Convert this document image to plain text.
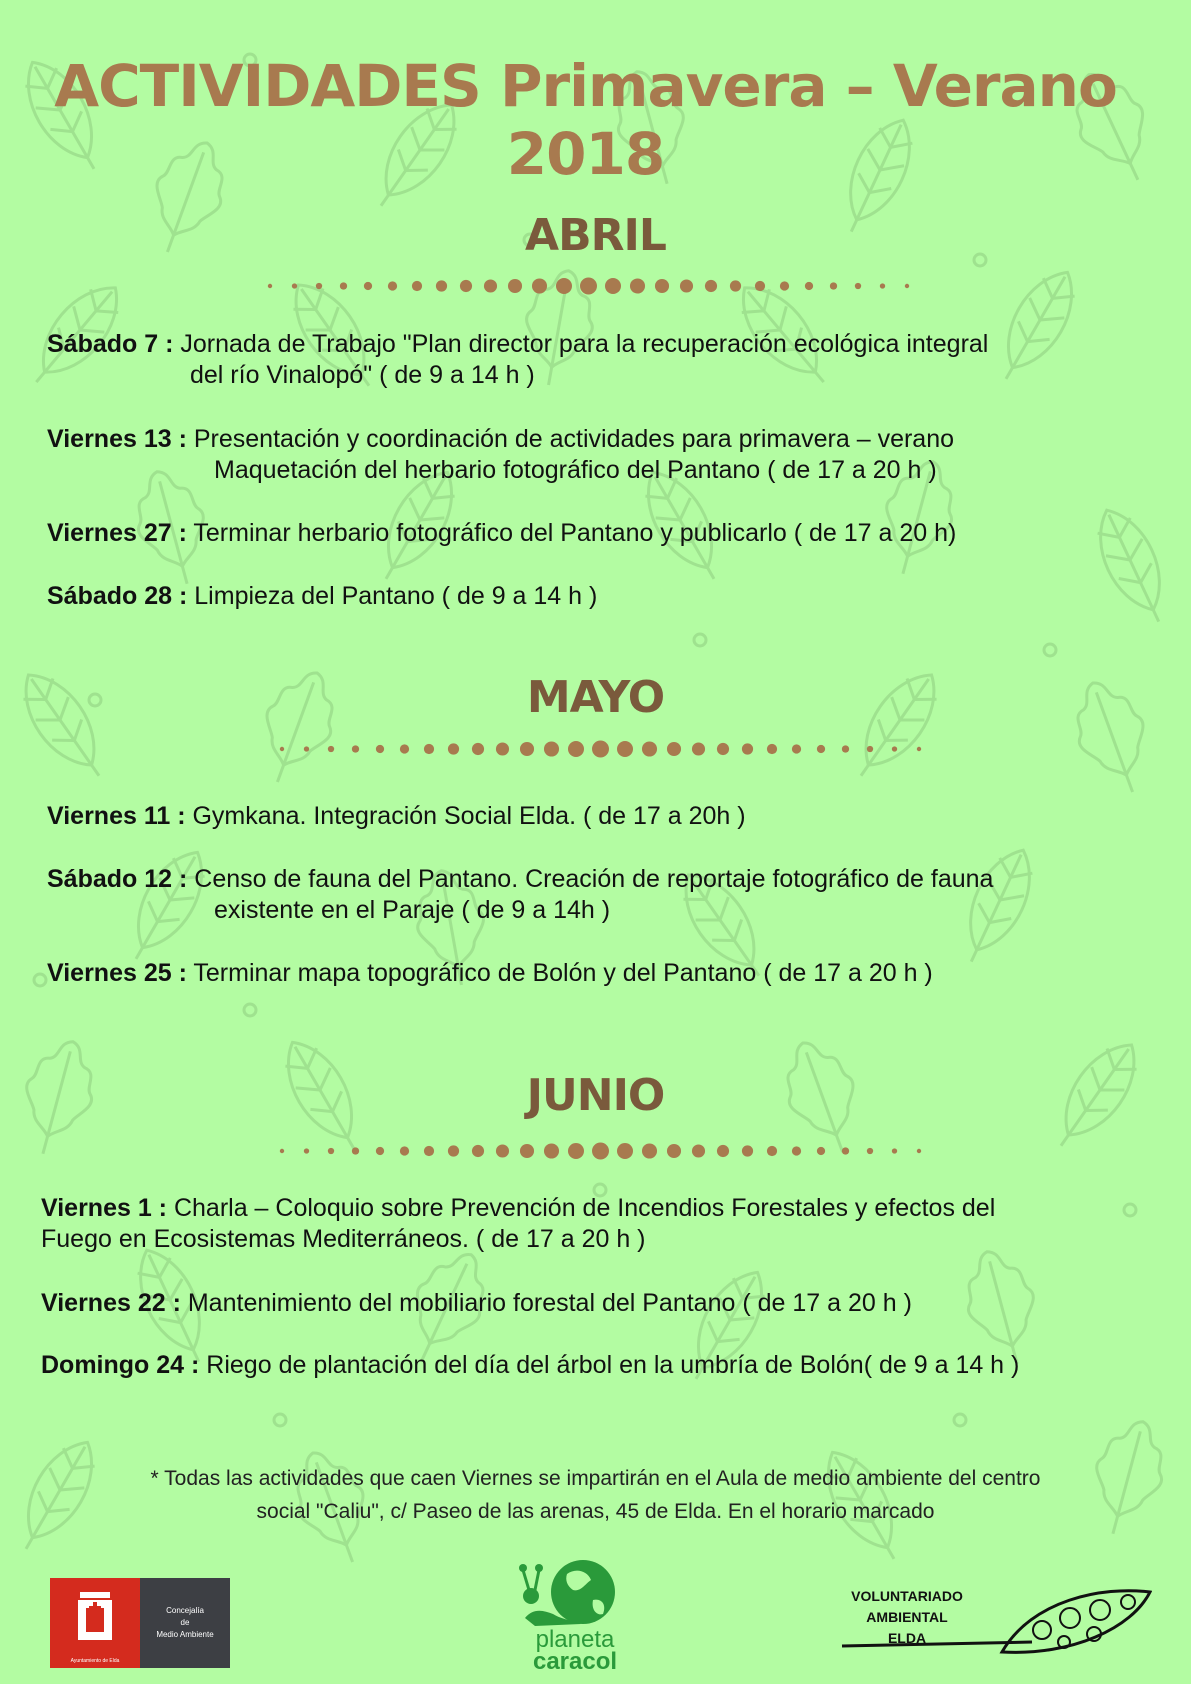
ACTIVIDADES Primavera – Verano 2018
ABRIL
Sábado 7 : Jornada de Trabajo "Plan director para la recuperación ecológica integral
del río Vinalopó" ( de 9 a 14 h )
Viernes 13 : Presentación y coordinación de actividades para primavera – verano
Maquetación del herbario fotográfico del Pantano ( de 17 a 20 h )
Viernes 27 : Terminar herbario fotográfico del Pantano y publicarlo ( de 17 a 20 h)
Sábado 28 : Limpieza del Pantano ( de 9 a 14 h )
MAYO
Viernes 11 : Gymkana. Integración Social Elda. ( de 17 a 20h )
Sábado 12 : Censo de fauna del Pantano. Creación de reportaje fotográfico de fauna
existente en el Paraje ( de 9 a 14h )
Viernes 25 : Terminar mapa topográfico de Bolón y del Pantano ( de 17 a 20 h )
JUNIO
Viernes 1 : Charla – Coloquio sobre Prevención de Incendios Forestales y efectos del
Fuego en Ecosistemas Mediterráneos. ( de 17 a 20 h )
Viernes 22 : Mantenimiento del mobiliario forestal del Pantano ( de 17 a 20 h )
Domingo 24 : Riego de plantación del día del árbol en la umbría de Bolón( de 9 a 14 h )
* Todas las actividades que caen Viernes se impartirán en el Aula de medio ambiente del centro
social "Caliu", c/ Paseo de las arenas, 45 de Elda. En el horario marcado
Ayuntamiento de Elda
Concejalía
de
Medio Ambiente	planeta
caracol
VOLUNTARIADO
AMBIENTAL
ELDA
